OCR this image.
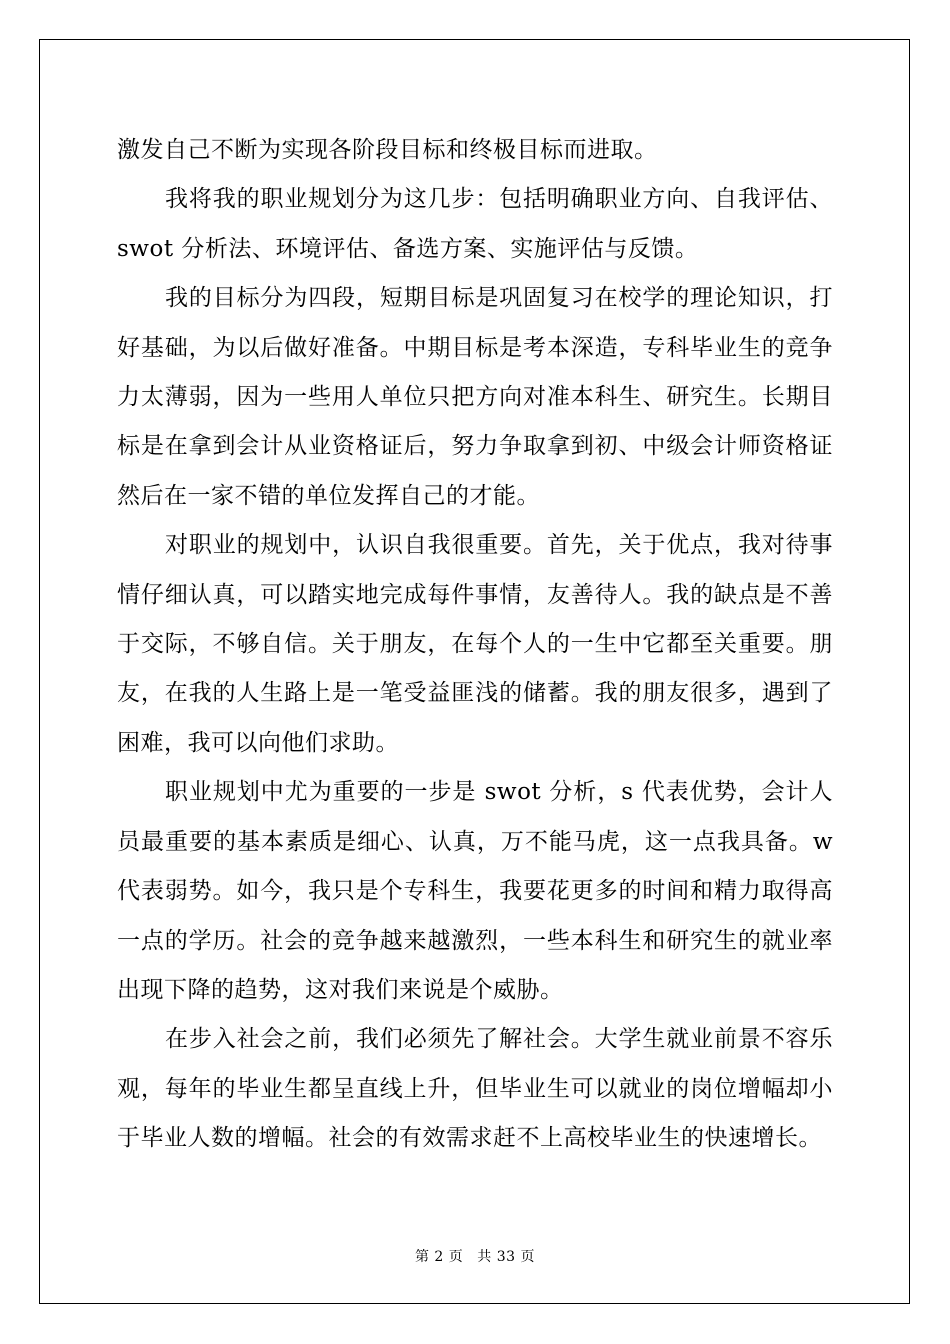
激发自己不断为实现各阶段目标和终极目标而进取。

我将我的职业规划分为这几步：包括明确职业方向、自我评估、swot 分析法、环境评估、备选方案、实施评估与反馈。

我的目标分为四段，短期目标是巩固复习在校学的理论知识，打好基础，为以后做好准备。中期目标是考本深造，专科毕业生的竞争力太薄弱，因为一些用人单位只把方向对准本科生、研究生。长期目标是在拿到会计从业资格证后，努力争取拿到初、中级会计师资格证然后在一家不错的单位发挥自己的才能。

对职业的规划中，认识自我很重要。首先，关于优点，我对待事情仔细认真，可以踏实地完成每件事情，友善待人。我的缺点是不善于交际，不够自信。关于朋友，在每个人的一生中它都至关重要。朋友，在我的人生路上是一笔受益匪浅的储蓄。我的朋友很多，遇到了困难，我可以向他们求助。

职业规划中尤为重要的一步是 swot 分析，s 代表优势，会计人员最重要的基本素质是细心、认真，万不能马虎，这一点我具备。w 代表弱势。如今，我只是个专科生，我要花更多的时间和精力取得高一点的学历。社会的竞争越来越激烈，一些本科生和研究生的就业率出现下降的趋势，这对我们来说是个威胁。

在步入社会之前，我们必须先了解社会。大学生就业前景不容乐观，每年的毕业生都呈直线上升，但毕业生可以就业的岗位增幅却小于毕业人数的增幅。社会的有效需求赶不上高校毕业生的快速增长。

第 2 页 共 33 页
